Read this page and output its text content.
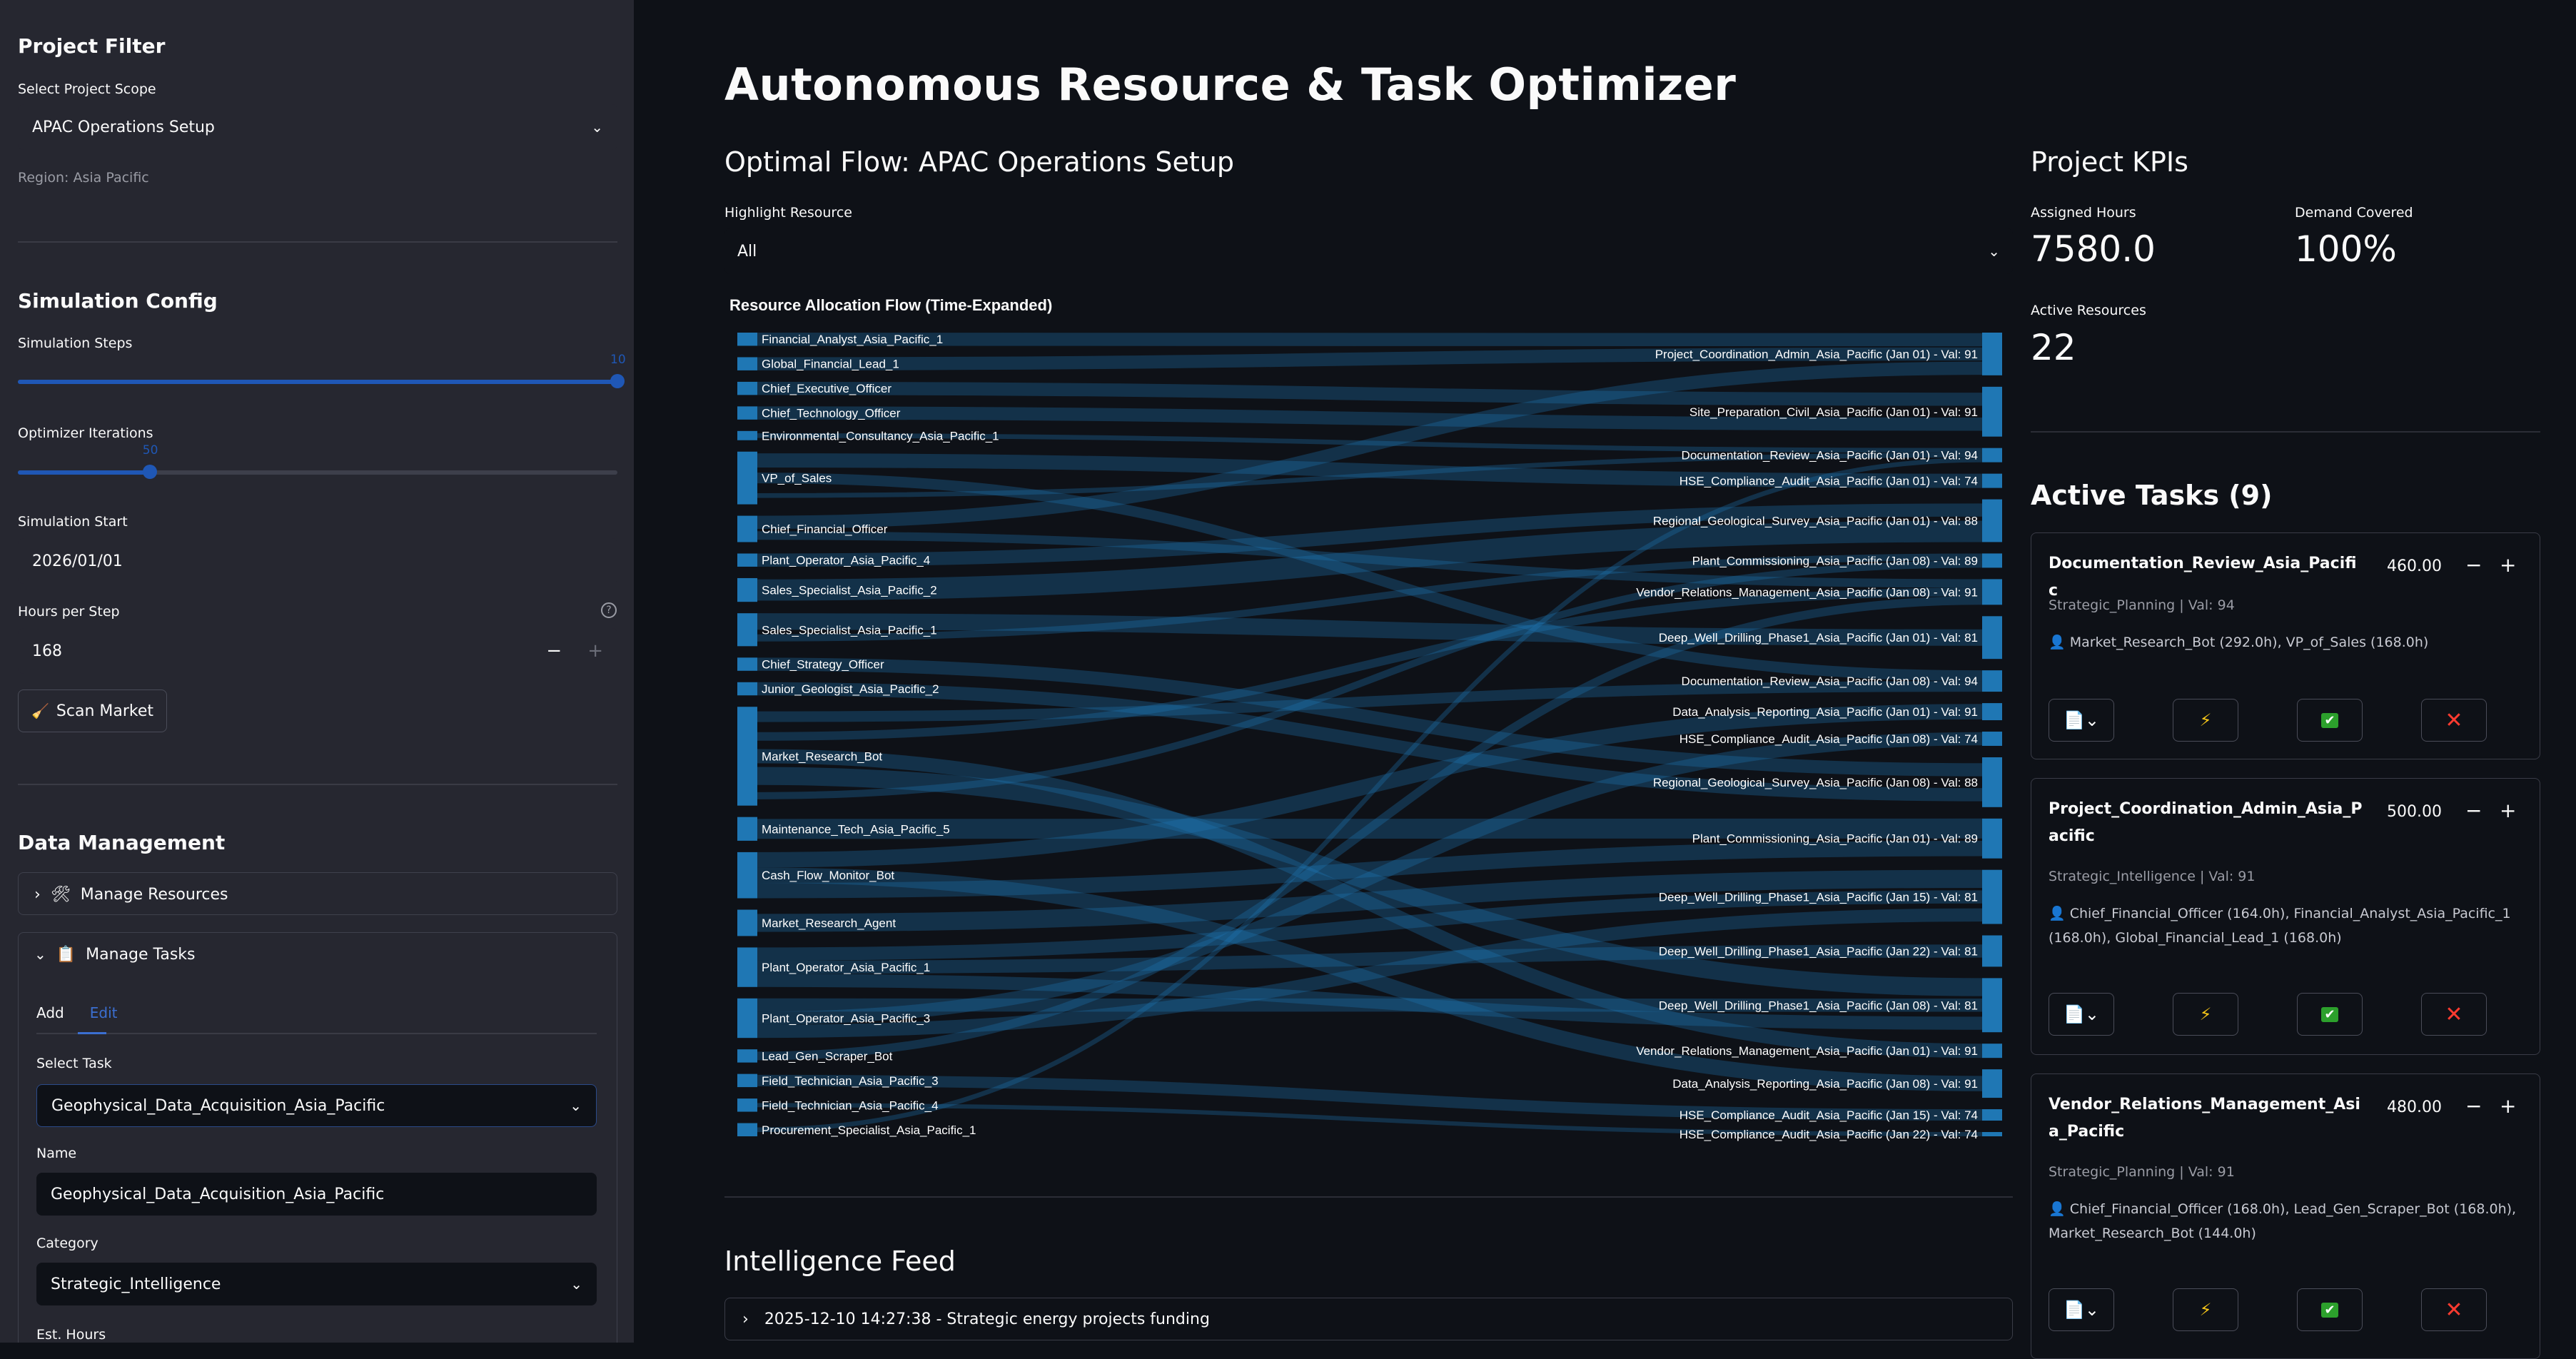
Project Filter
Select Project Scope
APAC Operations Setup	⌄
Region: Asia Pacific
Simulation Config
Simulation Steps
10
Optimizer Iterations
50
Simulation Start
2026/01/01
Hours per Step	?
168	− +
🧹 Scan Market
Data Management
› 🛠 Manage Resources
⌄ 📋 Manage Tasks
Add Edit
Select Task
Geophysical_Data_Acquisition_Asia_Pacific	⌄
Name
Geophysical_Data_Acquisition_Asia_Pacific
Category
Strategic_Intelligence	⌄
Est. Hours
Autonomous Resource & Task Optimizer
Optimal Flow: APAC Operations Setup
Highlight Resource
All	⌄
Resource Allocation Flow (Time-Expanded)
Financial_Analyst_Asia_Pacific_1
Global_Financial_Lead_1
Chief_Executive_Officer
Chief_Technology_Officer
Environmental_Consultancy_Asia_Pacific_1
VP_of_Sales
Chief_Financial_Officer
Plant_Operator_Asia_Pacific_4
Sales_Specialist_Asia_Pacific_2
Sales_Specialist_Asia_Pacific_1
Chief_Strategy_Officer
Junior_Geologist_Asia_Pacific_2
Market_Research_Bot
Maintenance_Tech_Asia_Pacific_5
Cash_Flow_Monitor_Bot
Market_Research_Agent
Plant_Operator_Asia_Pacific_1
Plant_Operator_Asia_Pacific_3
Lead_Gen_Scraper_Bot
Field_Technician_Asia_Pacific_3
Field_Technician_Asia_Pacific_4
Procurement_Specialist_Asia_Pacific_1
Project_Coordination_Admin_Asia_Pacific (Jan 01) - Val: 91
Site_Preparation_Civil_Asia_Pacific (Jan 01) - Val: 91
Documentation_Review_Asia_Pacific (Jan 01) - Val: 94
HSE_Compliance_Audit_Asia_Pacific (Jan 01) - Val: 74
Regional_Geological_Survey_Asia_Pacific (Jan 01) - Val: 88
Plant_Commissioning_Asia_Pacific (Jan 08) - Val: 89
Vendor_Relations_Management_Asia_Pacific (Jan 08) - Val: 91
Deep_Well_Drilling_Phase1_Asia_Pacific (Jan 01) - Val: 81
Documentation_Review_Asia_Pacific (Jan 08) - Val: 94
Data_Analysis_Reporting_Asia_Pacific (Jan 01) - Val: 91
HSE_Compliance_Audit_Asia_Pacific (Jan 08) - Val: 74
Regional_Geological_Survey_Asia_Pacific (Jan 08) - Val: 88
Plant_Commissioning_Asia_Pacific (Jan 01) - Val: 89
Deep_Well_Drilling_Phase1_Asia_Pacific (Jan 15) - Val: 81
Deep_Well_Drilling_Phase1_Asia_Pacific (Jan 22) - Val: 81
Deep_Well_Drilling_Phase1_Asia_Pacific (Jan 08) - Val: 81
Vendor_Relations_Management_Asia_Pacific (Jan 01) - Val: 91
Data_Analysis_Reporting_Asia_Pacific (Jan 08) - Val: 91
HSE_Compliance_Audit_Asia_Pacific (Jan 15) - Val: 74
HSE_Compliance_Audit_Asia_Pacific (Jan 22) - Val: 74
Intelligence Feed
› 2025-12-10 14:27:38 - Strategic energy projects funding
Project KPIs
Assigned Hours
7580.0
Demand Covered
100%
Active Resources
22
Active Tasks (9)
Documentation_Review_Asia_Pacific
460.00 − +
Strategic_Planning | Val: 94
👤 Market_Research_Bot (292.0h), VP_of_Sales (168.0h)
📄⌄	⚡	✔	✕
Project_Coordination_Admin_Asia_Pacific
500.00 − +
Strategic_Intelligence | Val: 91
👤 Chief_Financial_Officer (164.0h), Financial_Analyst_Asia_Pacific_1 (168.0h), Global_Financial_Lead_1 (168.0h)
📄⌄	⚡	✔	✕
Vendor_Relations_Management_Asia_Pacific
480.00 − +
Strategic_Planning | Val: 91
👤 Chief_Financial_Officer (168.0h), Lead_Gen_Scraper_Bot (168.0h), Market_Research_Bot (144.0h)
📄⌄	⚡	✔	✕
